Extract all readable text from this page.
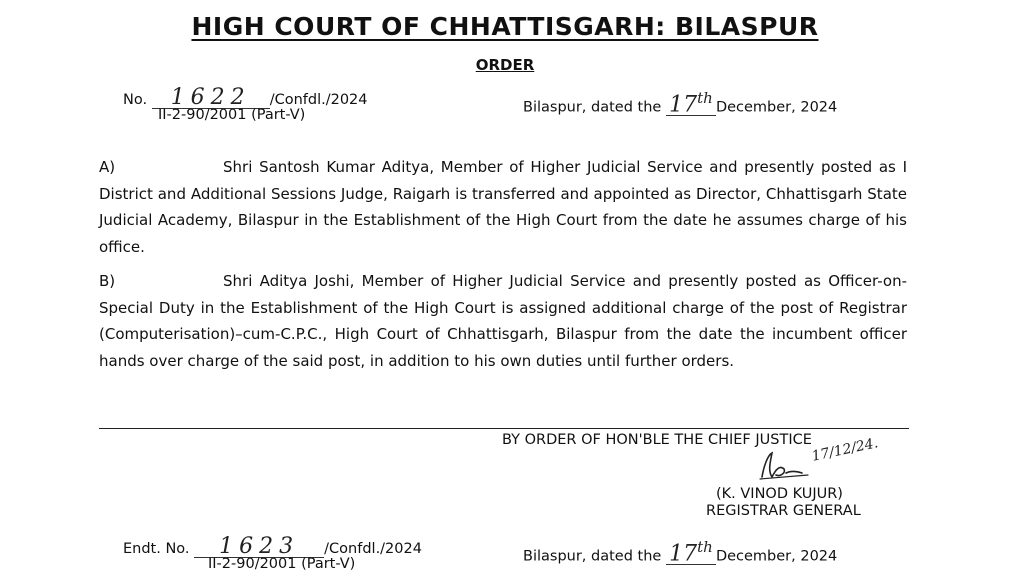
HIGH COURT OF CHHATTISGARH: BILASPUR
ORDER
No. 1622 /Confdl./2024
II-2-90/2001 (Part-V)	Bilaspur, dated the 17thDecember, 2024
A)	Shri Santosh Kumar Aditya, Member of Higher Judicial Service and presently posted as I District and Additional Sessions Judge, Raigarh is transferred and appointed as Director, Chhattisgarh State Judicial Academy, Bilaspur in the Establishment of the High Court from the date he assumes charge of his office.
B)	Shri Aditya Joshi, Member of Higher Judicial Service and presently posted as Officer-on-Special Duty in the Establishment of the High Court is assigned additional charge of the post of Registrar (Computerisation)–cum-C.P.C., High Court of Chhattisgarh, Bilaspur from the date the incumbent officer hands over charge of the said post, in addition to his own duties until further orders.
BY ORDER OF HON'BLE THE CHIEF JUSTICE
17/12/24.
(K. VINOD KUJUR)
REGISTRAR GENERAL
Endt. No. 1623 /Confdl./2024
II-2-90/2001 (Part-V)	Bilaspur, dated the 17thDecember, 2024
